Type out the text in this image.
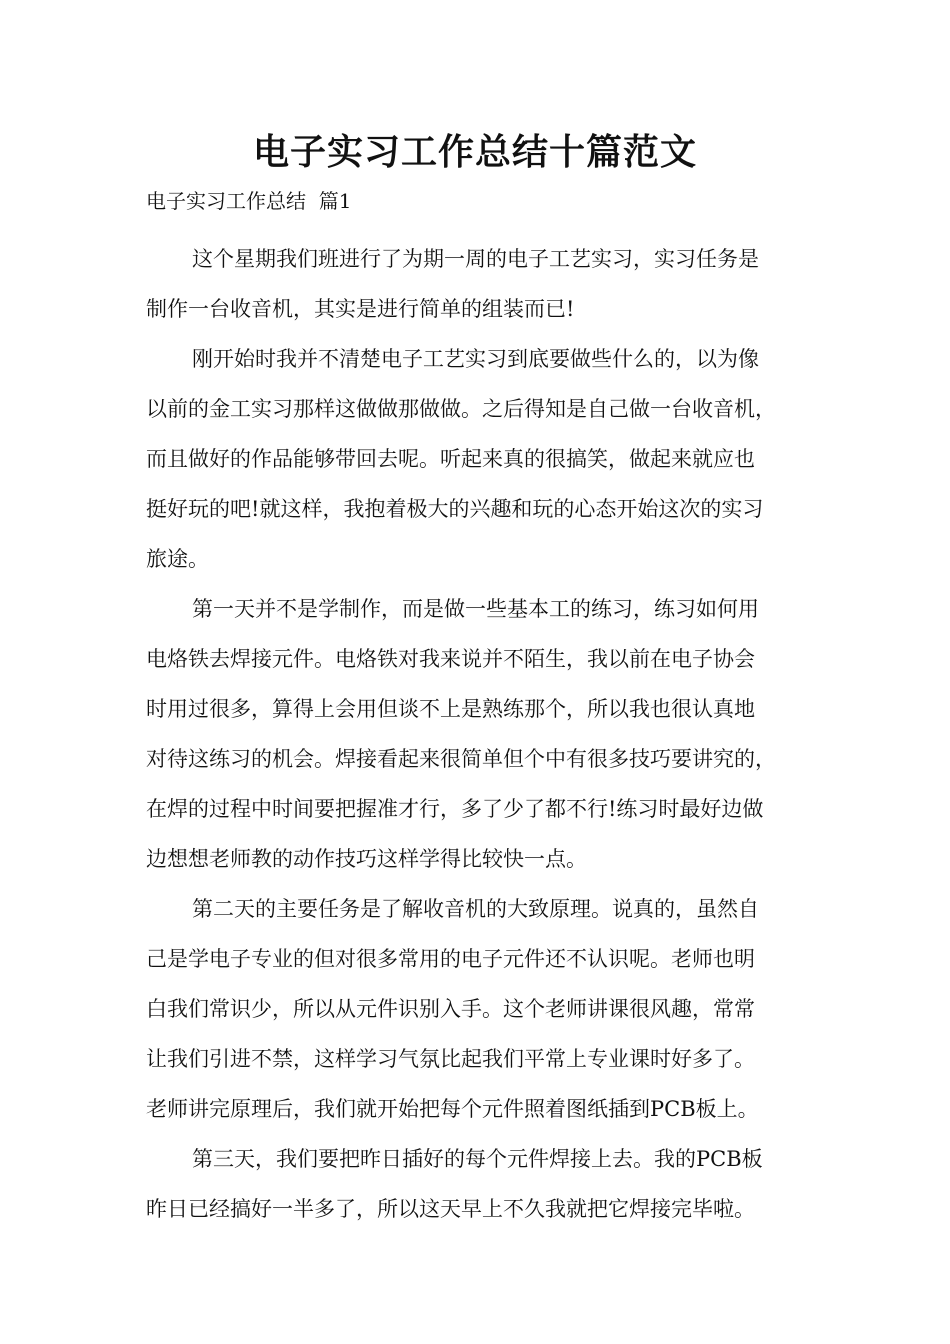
电子实习工作总结十篇范文

电子实习工作总结  篇1

这个星期我们班进行了为期一周的电子工艺实习，实习任务是
制作一台收音机，其实是进行简单的组装而已!

刚开始时我并不清楚电子工艺实习到底要做些什么的，以为像
以前的金工实习那样这做做那做做。之后得知是自己做一台收音机，
而且做好的作品能够带回去呢。听起来真的很搞笑，做起来就应也
挺好玩的吧!就这样，我抱着极大的兴趣和玩的心态开始这次的实习
旅途。

第一天并不是学制作，而是做一些基本工的练习，练习如何用
电烙铁去焊接元件。电烙铁对我来说并不陌生，我以前在电子协会
时用过很多，算得上会用但谈不上是熟练那个，所以我也很认真地
对待这练习的机会。焊接看起来很简单但个中有很多技巧要讲究的，
在焊的过程中时间要把握准才行，多了少了都不行!练习时最好边做
边想想老师教的动作技巧这样学得比较快一点。

第二天的主要任务是了解收音机的大致原理。说真的，虽然自
己是学电子专业的但对很多常用的电子元件还不认识呢。老师也明
白我们常识少，所以从元件识别入手。这个老师讲课很风趣，常常
让我们引进不禁，这样学习气氛比起我们平常上专业课时好多了。
老师讲完原理后，我们就开始把每个元件照着图纸插到PCB板上。

第三天，我们要把昨日插好的每个元件焊接上去。我的PCB板
昨日已经搞好一半多了，所以这天早上不久我就把它焊接完毕啦。
